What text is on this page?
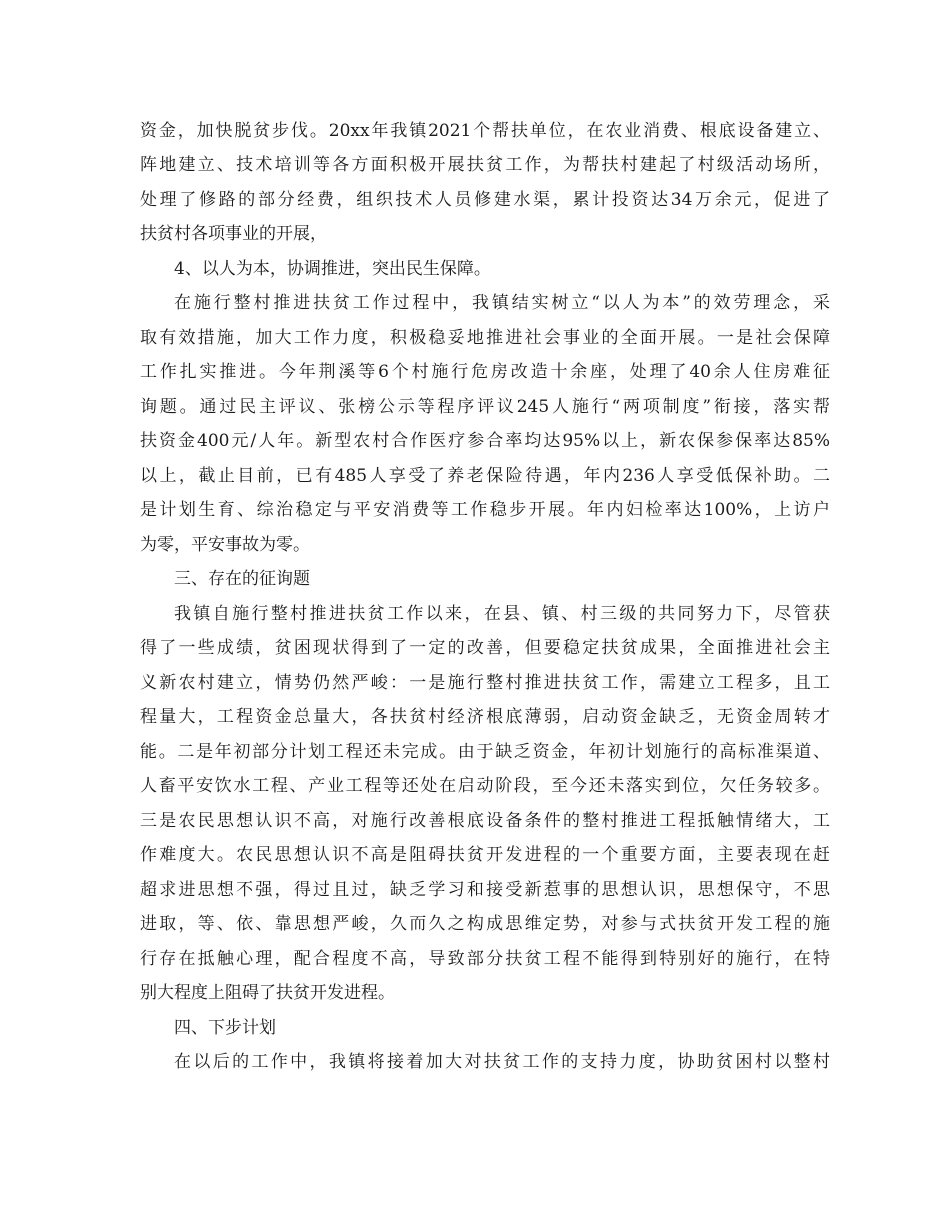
资金，加快脱贫步伐。20xx年我镇2021个帮扶单位，在农业消费、根底设备建立、
阵地建立、技术培训等各方面积极开展扶贫工作，为帮扶村建起了村级活动场所，
处理了修路的部分经费，组织技术人员修建水渠，累计投资达34万余元，促进了
扶贫村各项事业的开展，
4、以人为本，协调推进，突出民生保障。
在施行整村推进扶贫工作过程中，我镇结实树立“以人为本”的效劳理念，采
取有效措施，加大工作力度，积极稳妥地推进社会事业的全面开展。一是社会保障
工作扎实推进。今年荆溪等6个村施行危房改造十余座，处理了40余人住房难征
询题。通过民主评议、张榜公示等程序评议245人施行“两项制度”衔接，落实帮
扶资金400元/人年。新型农村合作医疗参合率均达95%以上，新农保参保率达85%
以上，截止目前，已有485人享受了养老保险待遇，年内236人享受低保补助。二
是计划生育、综治稳定与平安消费等工作稳步开展。年内妇检率达100%，上访户
为零，平安事故为零。
三、存在的征询题
我镇自施行整村推进扶贫工作以来，在县、镇、村三级的共同努力下，尽管获
得了一些成绩，贫困现状得到了一定的改善，但要稳定扶贫成果，全面推进社会主
义新农村建立，情势仍然严峻：一是施行整村推进扶贫工作，需建立工程多，且工
程量大，工程资金总量大，各扶贫村经济根底薄弱，启动资金缺乏，无资金周转才
能。二是年初部分计划工程还未完成。由于缺乏资金，年初计划施行的高标准渠道、
人畜平安饮水工程、产业工程等还处在启动阶段，至今还未落实到位，欠任务较多。
三是农民思想认识不高，对施行改善根底设备条件的整村推进工程抵触情绪大，工
作难度大。农民思想认识不高是阻碍扶贫开发进程的一个重要方面，主要表现在赶
超求进思想不强，得过且过，缺乏学习和接受新惹事的思想认识，思想保守，不思
进取，等、依、靠思想严峻，久而久之构成思维定势，对参与式扶贫开发工程的施
行存在抵触心理，配合程度不高，导致部分扶贫工程不能得到特别好的施行，在特
别大程度上阻碍了扶贫开发进程。
四、下步计划
在以后的工作中，我镇将接着加大对扶贫工作的支持力度，协助贫困村以整村
